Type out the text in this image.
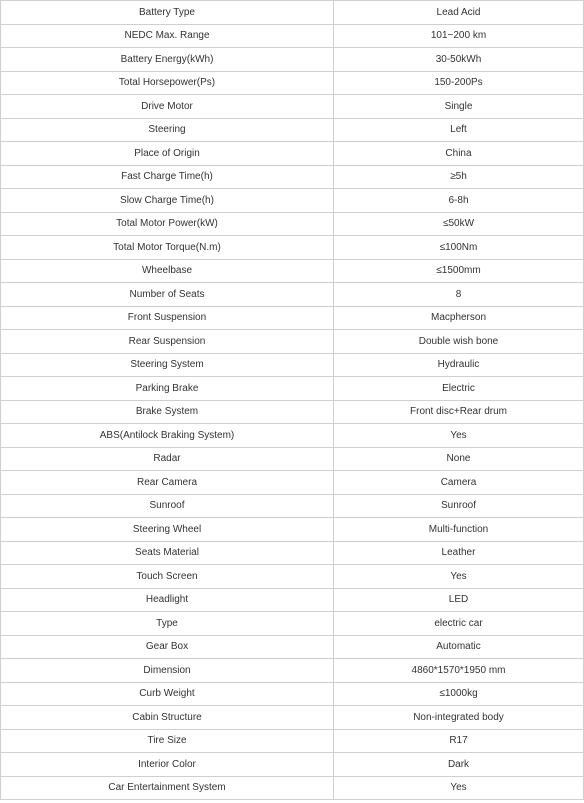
Battery Type	Lead Acid
NEDC Max. Range	101~200 km
Battery Energy(kWh)	30-50kWh
Total Horsepower(Ps)	150-200Ps
Drive Motor	Single
Steering	Left
Place of Origin	China
Fast Charge Time(h)	≥5h
Slow Charge Time(h)	6-8h
Total Motor Power(kW)	≤50kW
Total Motor Torque(N.m)	≤100Nm
Wheelbase	≤1500mm
Number of Seats	8
Front Suspension	Macpherson
Rear Suspension	Double wish bone
Steering System	Hydraulic
Parking Brake	Electric
Brake System	Front disc+Rear drum
ABS(Antilock Braking System)	Yes
Radar	None
Rear Camera	Camera
Sunroof	Sunroof
Steering Wheel	Multi-function
Seats Material	Leather
Touch Screen	Yes
Headlight	LED
Type	electric car
Gear Box	Automatic
Dimension	4860*1570*1950 mm
Curb Weight	≤1000kg
Cabin Structure	Non-integrated body
Tire Size	R17
Interior Color	Dark
Car Entertainment System	Yes
